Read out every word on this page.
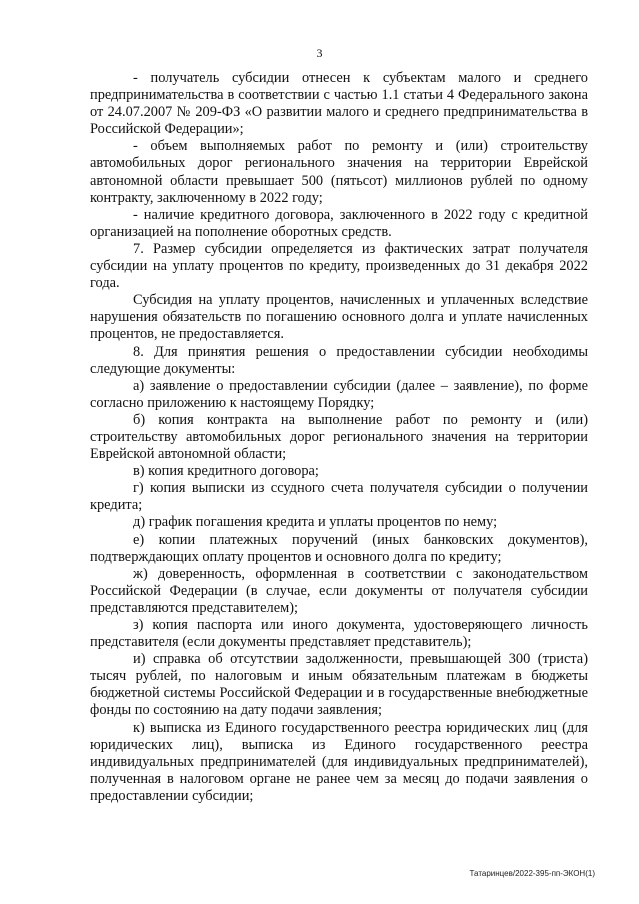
3

- получатель субсидии отнесен к субъектам малого и среднего предпринимательства в соответствии с частью 1.1 статьи 4 Федерального закона от 24.07.2007 № 209-ФЗ «О развитии малого и среднего предпринимательства в Российской Федерации»;

- объем выполняемых работ по ремонту и (или) строительству автомобильных дорог регионального значения на территории Еврейской автономной области превышает 500 (пятьсот) миллионов рублей по одному контракту, заключенному в 2022 году;

- наличие кредитного договора, заключенного в 2022 году с кредитной организацией на пополнение оборотных средств.

7. Размер субсидии определяется из фактических затрат получателя субсидии на уплату процентов по кредиту, произведенных до 31 декабря 2022 года.

Субсидия на уплату процентов, начисленных и уплаченных вследствие нарушения обязательств по погашению основного долга и уплате начисленных процентов, не предоставляется.

8. Для принятия решения о предоставлении субсидии необходимы следующие документы:

а) заявление о предоставлении субсидии (далее – заявление), по форме согласно приложению к настоящему Порядку;

б) копия контракта на выполнение работ по ремонту и (или) строительству автомобильных дорог регионального значения на территории Еврейской автономной области;

в) копия кредитного договора;

г) копия выписки из ссудного счета получателя субсидии о получении кредита;

д) график погашения кредита и уплаты процентов по нему;

е) копии платежных поручений (иных банковских документов), подтверждающих оплату процентов и основного долга по кредиту;

ж) доверенность, оформленная в соответствии с законодательством Российской Федерации (в случае, если документы от получателя субсидии представляются представителем);

з) копия паспорта или иного документа, удостоверяющего личность представителя (если документы представляет представитель);

и) справка об отсутствии задолженности, превышающей 300 (триста) тысяч рублей, по налоговым и иным обязательным платежам в бюджеты бюджетной системы Российской Федерации и в государственные внебюджетные фонды по состоянию на дату подачи заявления;

к) выписка из Единого государственного реестра юридических лиц (для юридических лиц), выписка из Единого государственного реестра индивидуальных предпринимателей (для индивидуальных предпринимателей), полученная в налоговом органе не ранее чем за месяц до подачи заявления о предоставлении субсидии;

Татаринцев/2022-395-пп-ЭКОН(1)
